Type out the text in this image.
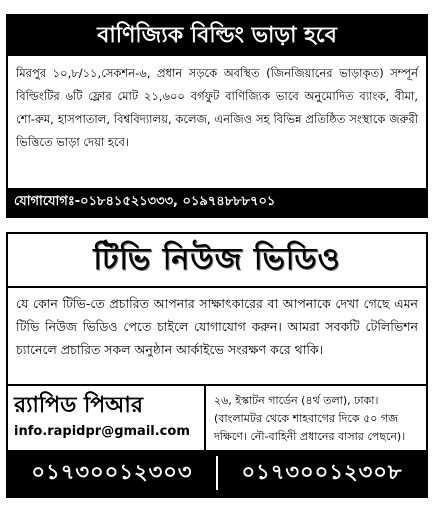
বাণিজ্যিক বিল্ডিং ভাড়া হবে
মিরপুর ১০,৮/১১,সেকশন-৬, প্রধান সড়কে অবস্থিত (জিনজিয়ানের ভাড়াকৃত) সম্পূর্ন বিল্ডিংটির ৬টি ফ্লোর মোট ২১,৬০০ বর্গফুট বাণিজ্যিক ভাবে অনুমোদিত ব্যাংক, বীমা, শো-রুম, হাসপাতাল, বিশ্ববিদ্যালয়, কলেজ, এনজিও সহ বিভিন্ন প্রতিষ্ঠিত সংস্থাকে জরুরী ভিত্তিতে ভাড়া দেয়া হবে।
যোগাযোগঃ-০১৮৪১৫২১৩৩৩, ০১৯৭৪৮৮৮৭০১
টিভি নিউজ ভিডিও
যে কোন টিভি-তে প্রচারিত আপনার সাক্ষাৎকারের বা আপনাকে দেখা গেছে এমন টিভি নিউজ ভিডিও পেতে চাইলে যোগাযোগ করুন। আমরা সবকটি টেলিভিশন চ্যানেলে প্রচারিত সকল অনুষ্ঠান আর্কাইভে সংরক্ষণ করে থাকি।
র‍্যাপিড পিআর
info.rapidpr@gmail.com
২৬, ইস্কাটন গার্ডেন (৪র্থ তলা), ঢাকা। (বাংলামটর থেকে শাহবাগের দিকে ৫০ গজ দক্ষিণে। নৌ-বাহিনী প্রধানের বাসার পেছনে)।
০১৭৩০০১২৩০৩	০১৭৩০০১২৩০৮
